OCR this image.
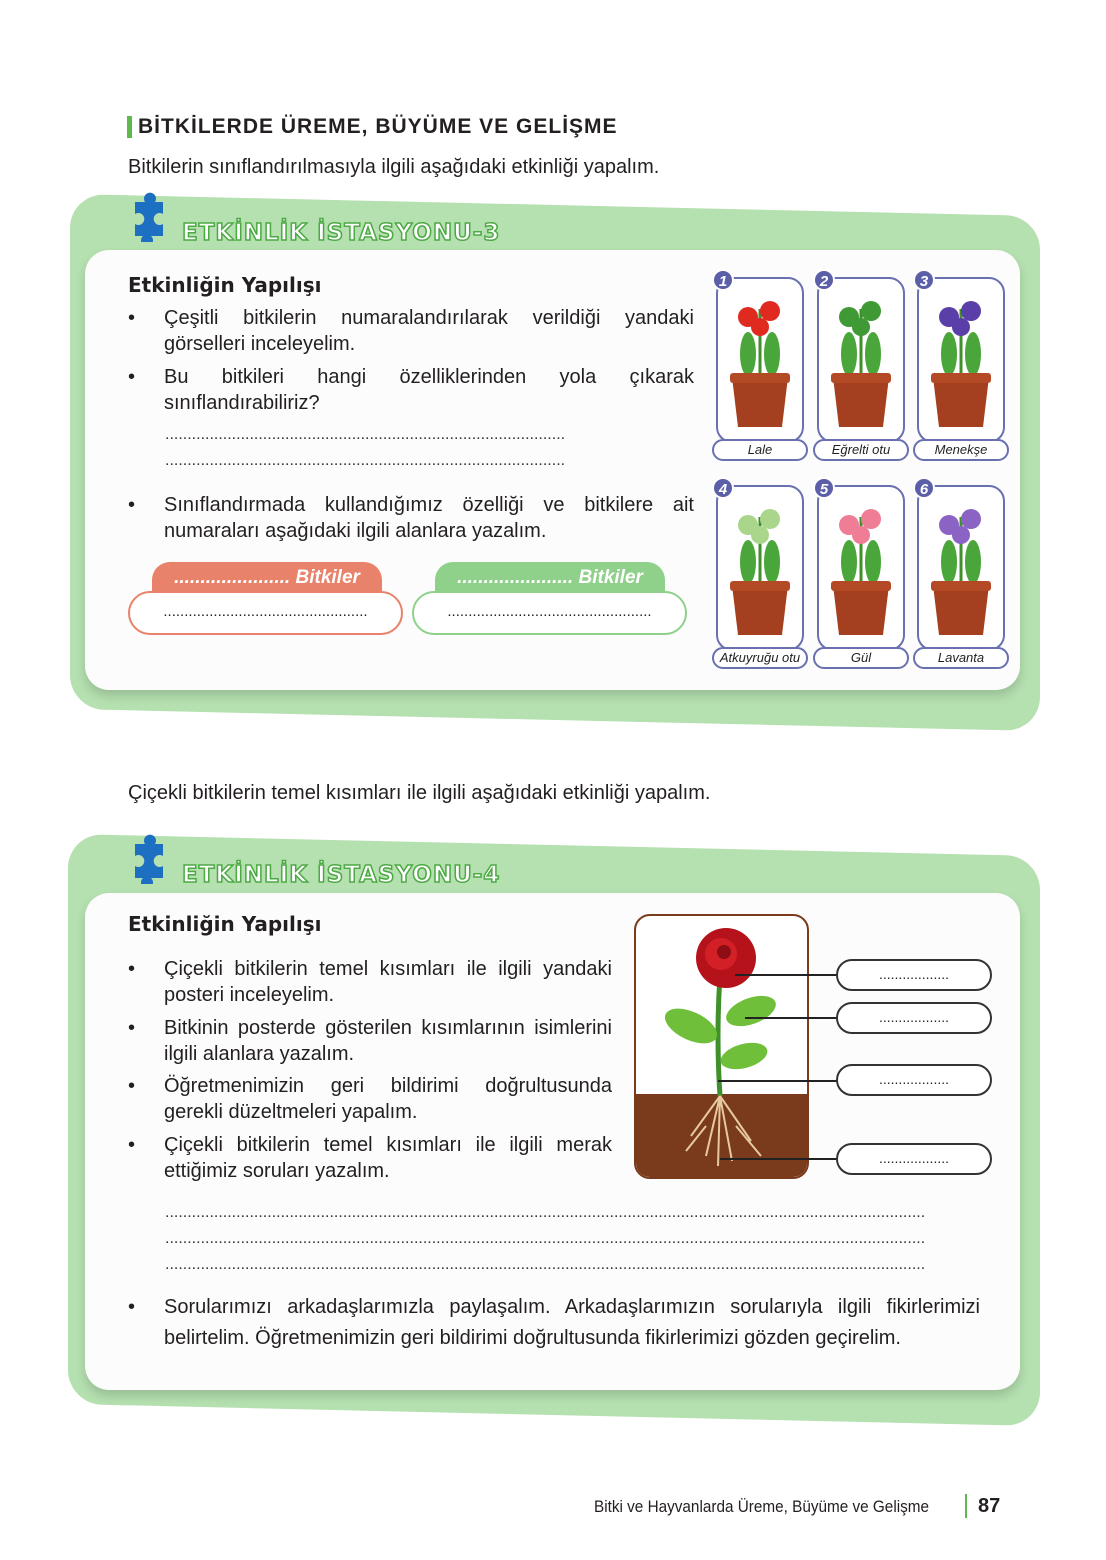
BİTKİLERDE ÜREME, BÜYÜME VE GELİŞME
Bitkilerin sınıflandırılmasıyla ilgili aşağıdaki etkinliği yapalım.
ETKİNLİK İSTASYONU-3
Etkinliğin Yapılışı
• Çeşitli bitkilerin numaralandırılarak verildiği yandaki görselleri inceleyelim.
• Bu bitkileri hangi özelliklerinden yola çıkarak sınıflandırabiliriz?
..........................................................................................
..........................................................................................
• Sınıflandırmada kullandığımız özelliği ve bitkilere ait numaraları aşağıdaki ilgili alanlara yazalım.
...................... Bitkiler
.................................................
...................... Bitkiler
.................................................
1
Lale
2
Eğrelti otu
3
Menekşe
4
Atkuyruğu otu
5
Gül
6
Lavanta
Çiçekli bitkilerin temel kısımları ile ilgili aşağıdaki etkinliği yapalım.
ETKİNLİK İSTASYONU-4
Etkinliğin Yapılışı
• Çiçekli bitkilerin temel kısımları ile ilgili yandaki posteri inceleyelim.
• Bitkinin posterde gösterilen kısımlarının isimlerini ilgili alanlara yazalım.
• Öğretmenimizin geri bildirimi doğrultusunda gerekli düzeltmeleri yapalım.
• Çiçekli bitkilerin temel kısımları ile ilgili merak ettiğimiz soruları yazalım.
..................
..................
..................
..................
...........................................................................................................................................................................
...........................................................................................................................................................................
...........................................................................................................................................................................
• Sorularımızı arkadaşlarımızla paylaşalım. Arkadaşlarımızın sorularıyla ilgili fikirlerimizi belirtelim. Öğretmenimizin geri bildirimi doğrultusunda fikirlerimizi gözden geçirelim.
Bitki ve Hayvanlarda Üreme, Büyüme ve Gelişme 87
